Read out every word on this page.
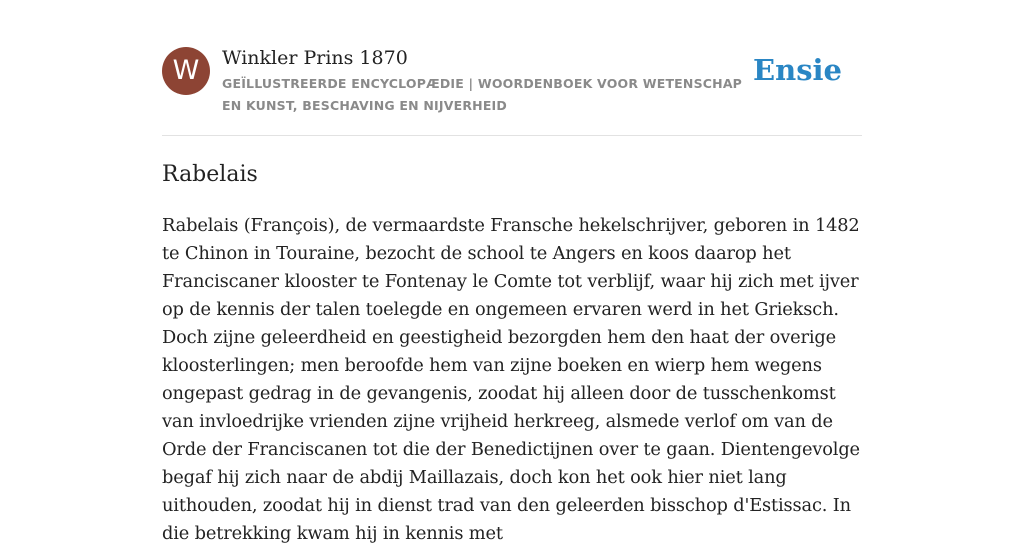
W	Winkler Prins 1870
GEÏLLUSTREERDE ENCYCLOPÆDIE | WOORDENBOEK VOOR WETENSCHAP EN KUNST, BESCHAVING EN NIJVERHEID
Ensie
Rabelais

Rabelais (François), de vermaardste Fransche hekelschrijver, geboren in 1482 te Chinon in Touraine, bezocht de school te Angers en koos daarop het Franciscaner klooster te Fontenay le Comte tot verblijf, waar hij zich met ijver op de kennis der talen toelegde en ongemeen ervaren werd in het Grieksch. Doch zijne geleerdheid en geestigheid bezorgden hem den haat der overige kloosterlingen; men beroofde hem van zijne boeken en wierp hem wegens ongepast gedrag in de gevangenis, zoodat hij alleen door de tusschenkomst van invloedrijke vrienden zijne vrijheid herkreeg, alsmede verlof om van de Orde der Franciscanen tot die der Benedictijnen over te gaan. Dientengevolge begaf hij zich naar de abdij Maillazais, doch kon het ook hier niet lang uithouden, zoodat hij in dienst trad van den geleerden bisschop d'Estissac. In die betrekking kwam hij in kennis met
